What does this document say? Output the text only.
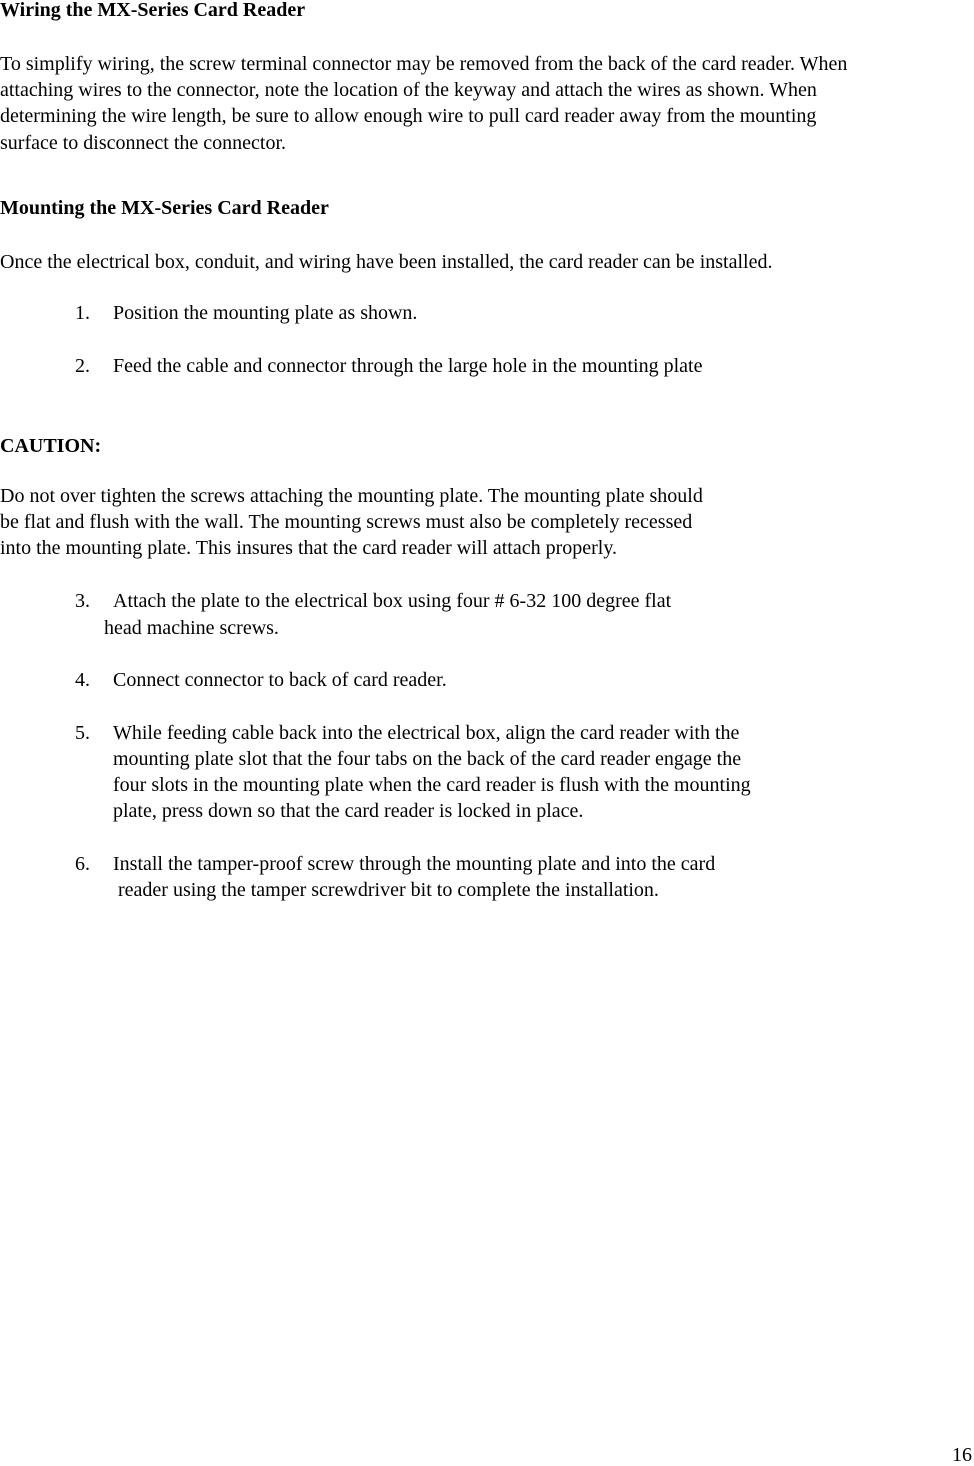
Wiring the MX-Series Card Reader
To simplify wiring, the screw terminal connector may be removed from the back of the card reader. When
attaching wires to the connector, note the location of the keyway and attach the wires as shown. When
determining the wire length, be sure to allow enough wire to pull card reader away from the mounting
surface to disconnect the connector.
Mounting the MX-Series Card Reader
Once the electrical box, conduit, and wiring have been installed, the card reader can be installed.
1. Position the mounting plate as shown.
2. Feed the cable and connector through the large hole in the mounting plate
CAUTION:
Do not over tighten the screws attaching the mounting plate. The mounting plate should
be flat and flush with the wall. The mounting screws must also be completely recessed
into the mounting plate. This insures that the card reader will attach properly.
3. Attach the plate to the electrical box using four # 6-32 100 degree flat
head machine screws.
4. Connect connector to back of card reader.
5. While feeding cable back into the electrical box, align the card reader with the
mounting plate slot that the four tabs on the back of the card reader engage the
four slots in the mounting plate when the card reader is flush with the mounting
plate, press down so that the card reader is locked in place.
6. Install the tamper-proof screw through the mounting plate and into the card
reader using the tamper screwdriver bit to complete the installation.
16
